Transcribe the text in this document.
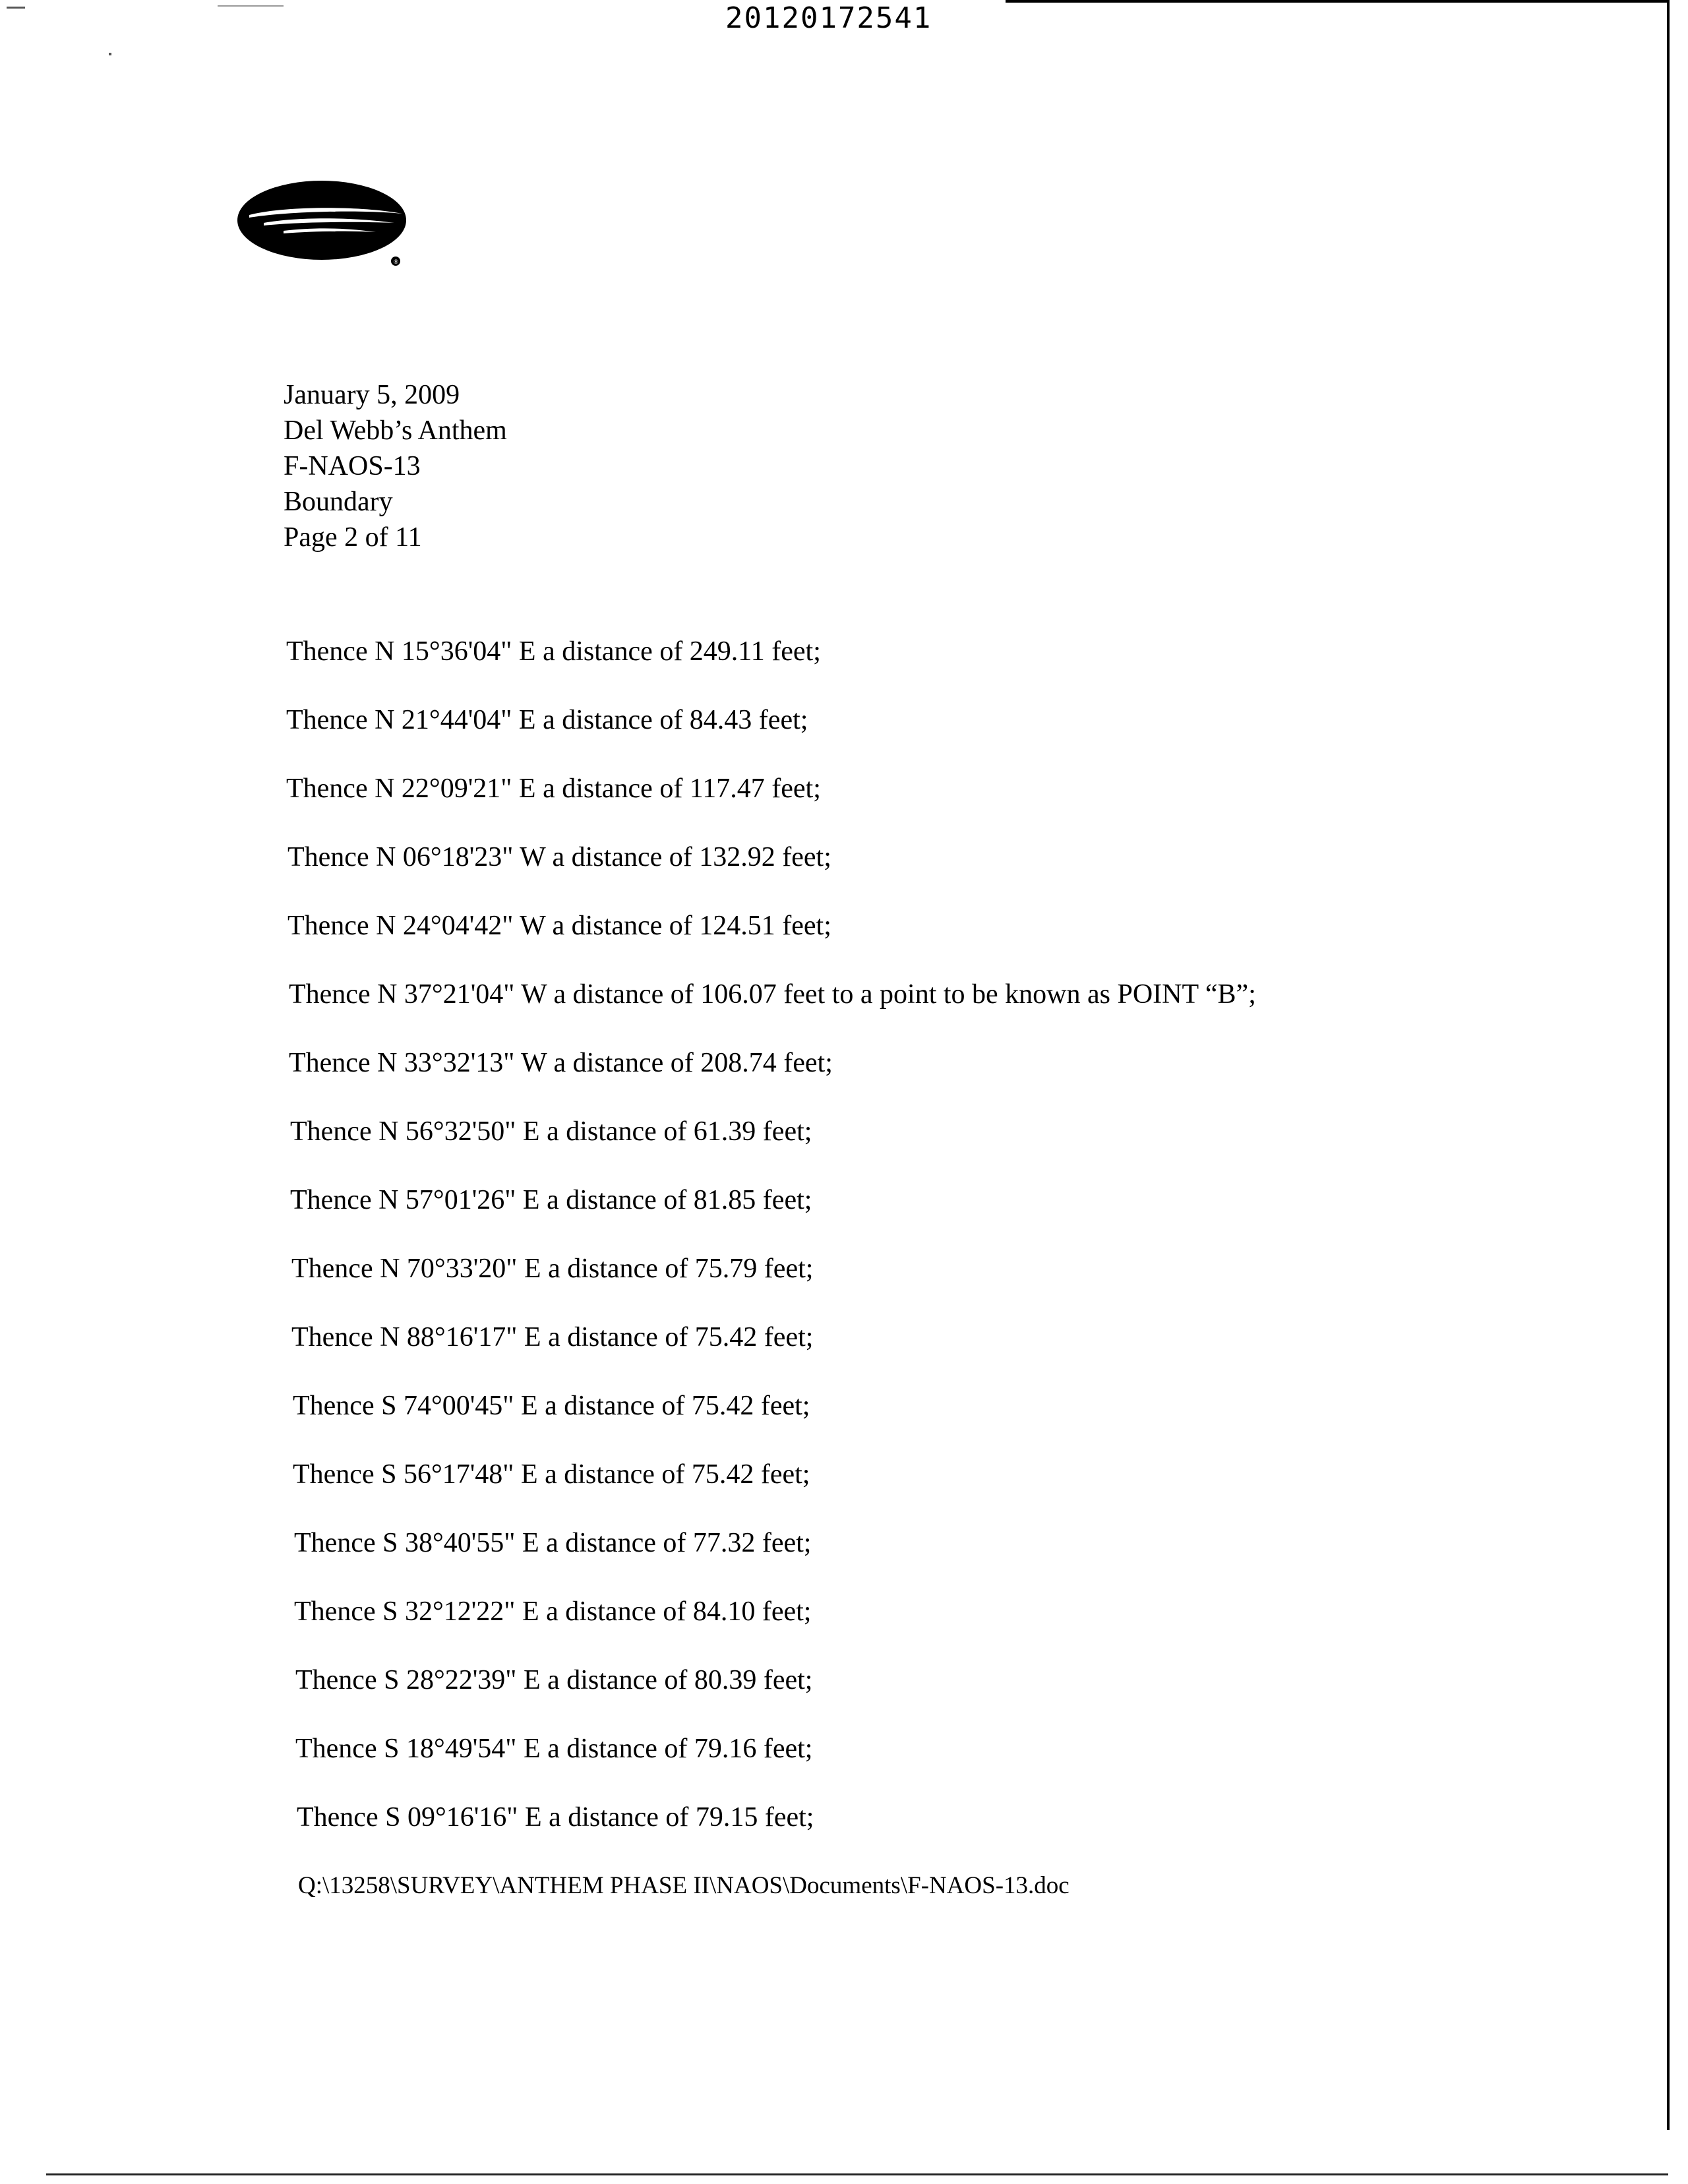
20120172541
®
January 5, 2009
Del Webb’s Anthem
F-NAOS-13
Boundary
Page 2 of 11
Thence N 15°36'04" E a distance of 249.11 feet;
Thence N 21°44'04" E a distance of 84.43 feet;
Thence N 22°09'21" E a distance of 117.47 feet;
Thence N 06°18'23" W a distance of 132.92 feet;
Thence N 24°04'42" W a distance of 124.51 feet;
Thence N 37°21'04" W a distance of 106.07 feet to a point to be known as POINT “B”;
Thence N 33°32'13" W a distance of 208.74 feet;
Thence N 56°32'50" E a distance of 61.39 feet;
Thence N 57°01'26" E a distance of 81.85 feet;
Thence N 70°33'20" E a distance of 75.79 feet;
Thence N 88°16'17" E a distance of 75.42 feet;
Thence S 74°00'45" E a distance of 75.42 feet;
Thence S 56°17'48" E a distance of 75.42 feet;
Thence S 38°40'55" E a distance of 77.32 feet;
Thence S 32°12'22" E a distance of 84.10 feet;
Thence S 28°22'39" E a distance of 80.39 feet;
Thence S 18°49'54" E a distance of 79.16 feet;
Thence S 09°16'16" E a distance of 79.15 feet;
Q:\13258\SURVEY\ANTHEM PHASE II\NAOS\Documents\F-NAOS-13.doc
